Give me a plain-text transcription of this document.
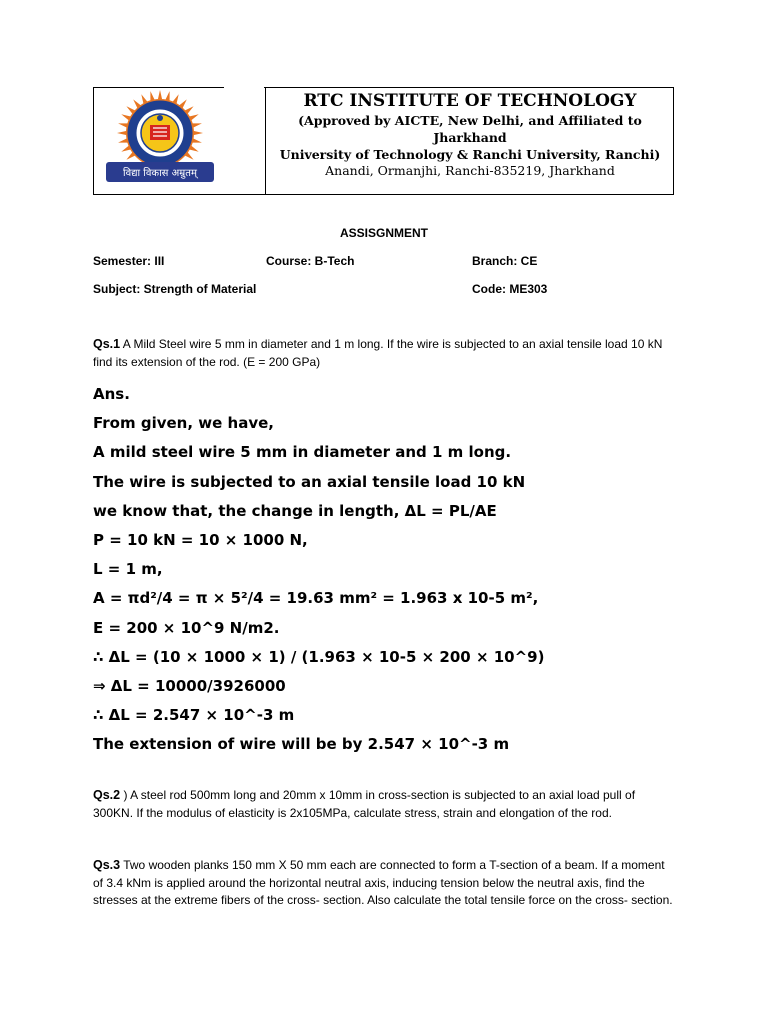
विद्या विकास अम्रुतम्
RTC INSTITUTE OF TECHNOLOGY
(Approved by AICTE, New Delhi, and Affiliated to Jharkhand
University of Technology & Ranchi University, Ranchi)
Anandi, Ormanjhi, Ranchi-835219, Jharkhand
ASSISGNMENT
Semester: III	Course: B-Tech	Branch: CE
Subject: Strength of Material	Code: ME303
Qs.1 A Mild Steel wire 5 mm in diameter and 1 m long. If the wire is subjected to an axial tensile load 10 kN find its extension of the rod. (E = 200 GPa)
Ans.
From given, we have,
A mild steel wire 5 mm in diameter and 1 m long.
The wire is subjected to an axial tensile load 10 kN
we know that, the change in length, ΔL = PL/AE
P = 10 kN = 10 × 1000 N,
L = 1 m,
A = πd²/4 = π × 5²/4 = 19.63 mm² = 1.963 x 10-5 m²,
E = 200 × 10^9 N/m2.
∴ ΔL = (10 × 1000 × 1) / (1.963 × 10-5 × 200 × 10^9)
⇒ ΔL = 10000/3926000
∴ ΔL = 2.547 × 10^-3 m
The extension of wire will be by 2.547 × 10^-3 m
Qs.2 ) A steel rod 500mm long and 20mm x 10mm in cross-section is subjected to an axial load pull of 300KN. If the modulus of elasticity is 2x105MPa, calculate stress, strain and elongation of the rod.
Qs.3 Two wooden planks 150 mm X 50 mm each are connected to form a T-section of a beam. If a moment of 3.4 kNm is applied around the horizontal neutral axis, inducing tension below the neutral axis, find the stresses at the extreme fibers of the cross- section. Also calculate the total tensile force on the cross- section.
